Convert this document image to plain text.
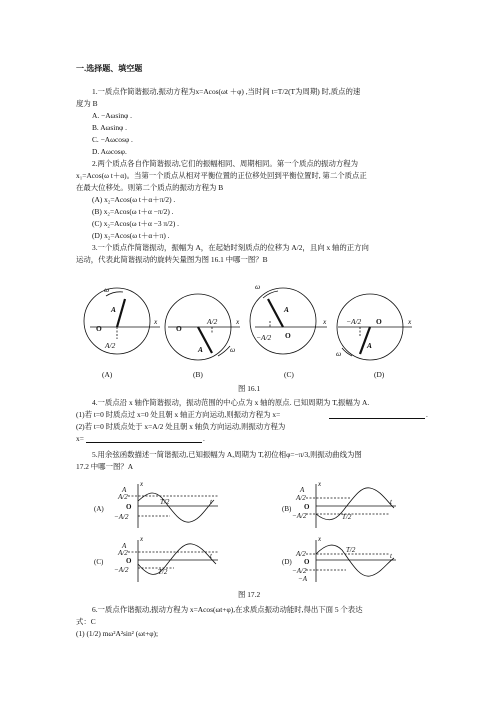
一.选择题、填空题
1.一质点作简谐振动,振动方程为x=Acos(ωt ＋φ) ,当时间 t=T/2(T为周期) 时,质点的速
度为 B
A. −Aωsinφ .
B. Aωsinφ .
C. −Aωcosφ .
D. Aωcosφ.
2.两个质点各自作简谐振动,它们的振幅相同、周期相同。第一个质点的振动方程为
x₁=Acos(ω t＋α)。当第一个质点从相对平衡位置的正位移处回到平衡位置时, 第二个质点正
在最大位移处。则第二个质点的振动方程为 B
(A) x₂=Acos(ω t＋α＋π/2) .
(B) x₂=Acos(ω t＋α −π/2) .
(C) x₂=Acos(ω t＋α −3 π/2) .
(D) x₂=Acos(ω t＋α＋π) .
3.一个质点作简谐振动，振幅为 A，在起始时刻质点的位移为 A/2，且向 x 轴的正方向
运动，代表此简谐振动的旋转矢量图为图 16.1 中哪一图？B
ω
A
O
x
A/2
O
A/2	x
A	ω
ω
A
O
−A/2
x	−A/2 O	x
A
ω
(A)	(B)	(C)	(D)
图 16.1
4.一质点沿 x 轴作简谐振动，振动范围的中心点为 x 轴的原点. 已知周期为 T,振幅为 A.
(1)若 t=0 时质点过 x=0 处且朝 x 轴正方向运动,则振动方程为 x=	.
(2)若 t=0 时质点处于 x=A/2 处且朝 x 轴负方向运动,则振动方程为
x=	.
5.用余弦函数描述一简谐振动,已知振幅为 A,周期为 T,初位相φ=−π/3,则振动曲线为图
17.2 中哪一图？A
(A)
x
A
A/2
O
−A/2
T/2	t
(B)
x
A
A/2
O
−A/2	T/2
t
(C)
x
A
A/2
O
−A/2	T/2
t
(D)
x
A/2
O
−A/2
−A
T/2
t
图 17.2
6.一质点作谐振动,振动方程为 x=Acos(ωt+φ),在求质点振动动能时,得出下面 5 个表达
式：C
(1) (1/2) mω²A²sin² (ωt+φ);
